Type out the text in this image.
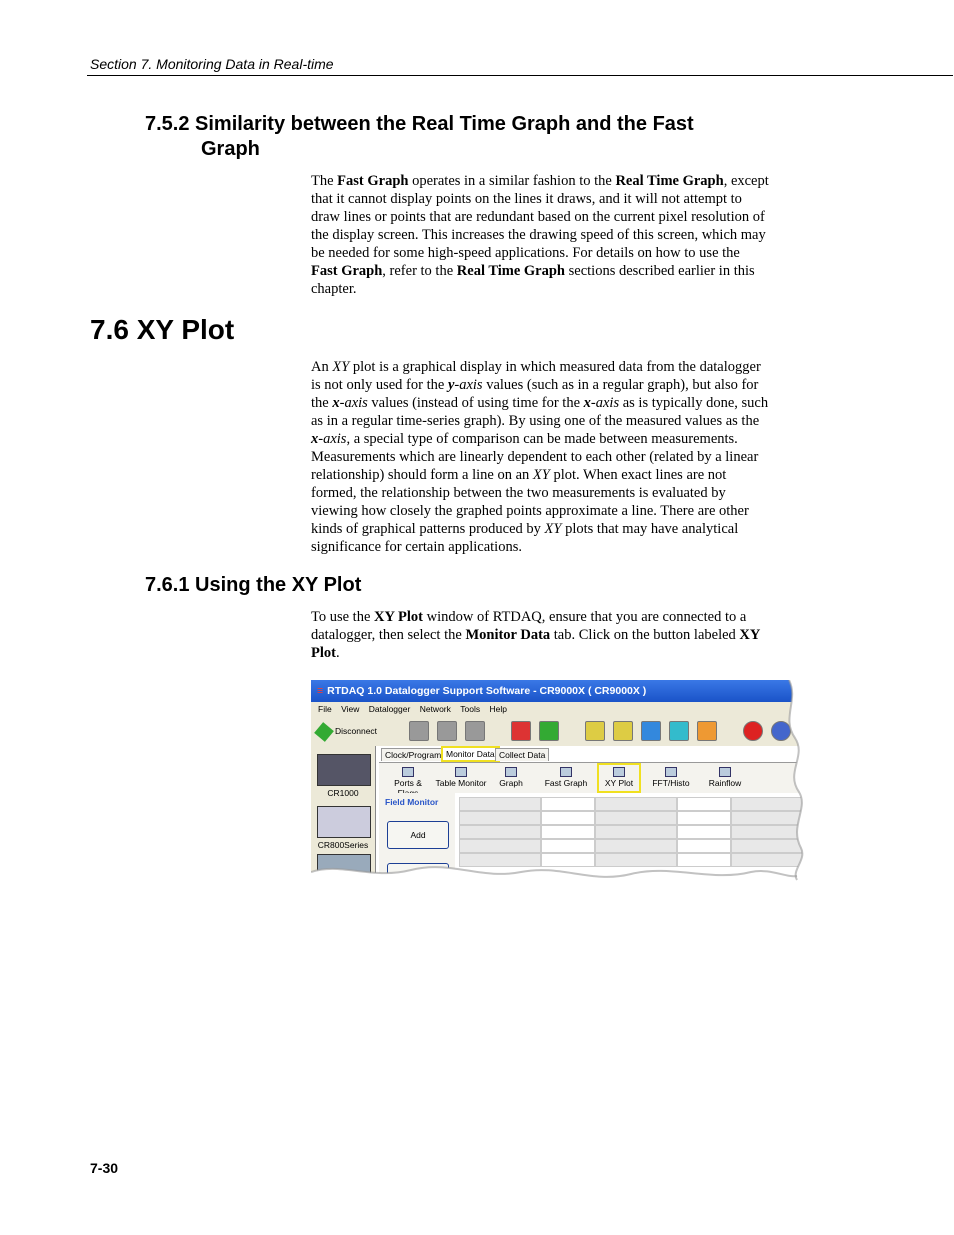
Section 7. Monitoring Data in Real-time
7.5.2 Similarity between the Real Time Graph and the Fast
Graph
The Fast Graph operates in a similar fashion to the Real Time Graph, except
that it cannot display points on the lines it draws, and it will not attempt to
draw lines or points that are redundant based on the current pixel resolution of
the display screen. This increases the drawing speed of this screen, which may
be needed for some high-speed applications. For details on how to use the
Fast Graph, refer to the Real Time Graph sections described earlier in this
chapter.
7.6 XY Plot
An XY plot is a graphical display in which measured data from the datalogger
is not only used for the y-axis values (such as in a regular graph), but also for
the x-axis values (instead of using time for the x-axis as is typically done, such
as in a regular time-series graph). By using one of the measured values as the
x-axis, a special type of comparison can be made between measurements.
Measurements which are linearly dependent to each other (related by a linear
relationship) should form a line on an XY plot. When exact lines are not
formed, the relationship between the two measurements is evaluated by
viewing how closely the graphed points approximate a line. There are other
kinds of graphical patterns produced by XY plots that may have analytical
significance for certain applications.
7.6.1 Using the XY Plot
To use the XY Plot window of RTDAQ, ensure that you are connected to a
datalogger, then select the Monitor Data tab. Click on the button labeled XY
Plot.
≡ RTDAQ 1.0 Datalogger Support Software - CR9000X ( CR9000X )
File View Datalogger Network Tools Help
Disconnect
CR1000
CR800Series
Clock/Program Monitor Data Collect Data
Ports &	Table Monitor	Graph	Fast Graph	XY Plot	FFT/Histo	Rainflow
Field Monitor
Add
7-30
